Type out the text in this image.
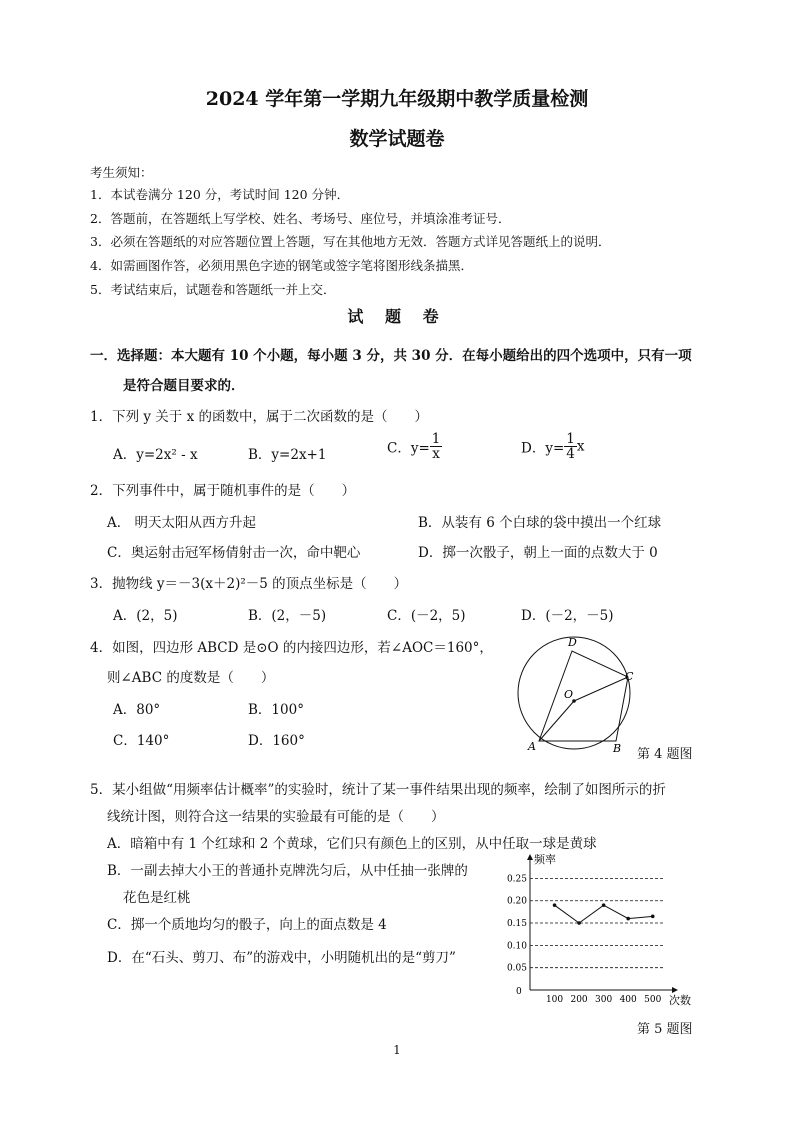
2024 学年第一学期九年级期中教学质量检测
数学试题卷
考生须知：
1．本试卷满分 120 分，考试时间 120 分钟．
2．答题前，在答题纸上写学校、姓名、考场号、座位号，并填涂准考证号．
3．必须在答题纸的对应答题位置上答题，写在其他地方无效．答题方式详见答题纸上的说明．
4．如需画图作答，必须用黑色字迹的钢笔或签字笔将图形线条描黑．
5．考试结束后，试题卷和答题纸一并上交．
试 题 卷
一．选择题：本大题有 10 个小题，每小题 3 分，共 30 分．在每小题给出的四个选项中，只有一项
是符合题目要求的．
1．下列 y 关于 x 的函数中，属于二次函数的是（　　）
A．y=2x² - x	B．y=2x+1	C．$y= \frac{1}{x}$	D．$y= \frac{1}{4}$ x
2．下列事件中，属于随机事件的是（　　）
A． 明天太阳从西方升起	B．从装有 6 个白球的袋中摸出一个红球
C．奥运射击冠军杨倩射击一次，命中靶心	D．掷一次骰子，朝上一面的点数大于 0
3．抛物线 y＝－3(x＋2)²－5 的顶点坐标是（　　）
A．(2，5)	B．(2，－5)	C．(－2，5)	D．(－2，－5)
4．如图，四边形 ABCD 是⊙O 的内接四边形，若∠AOC＝160°，
则∠ABC 的度数是（　　）
A．80°	B．100°
C．140°	D．160°	A	B
C
D
O
第 4 题图
5．某小组做“用频率估计概率”的实验时，统计了某一事件结果出现的频率，绘制了如图所示的折
线统计图，则符合这一结果的实验最有可能的是（　　）
A．暗箱中有 1 个红球和 2 个黄球，它们只有颜色上的区别，从中任取一球是黄球
B．一副去掉大小王的普通扑克牌洗匀后，从中任抽一张牌的
花色是红桃
C．掷一个质地均匀的骰子，向上的面点数是 4
D．在“石头、剪刀、布”的游戏中，小明随机出的是“剪刀”
0.05
0.10
0.15
0.20
0.25
100 200 300 400 500
频率
次数
0
第 5 题图
1
